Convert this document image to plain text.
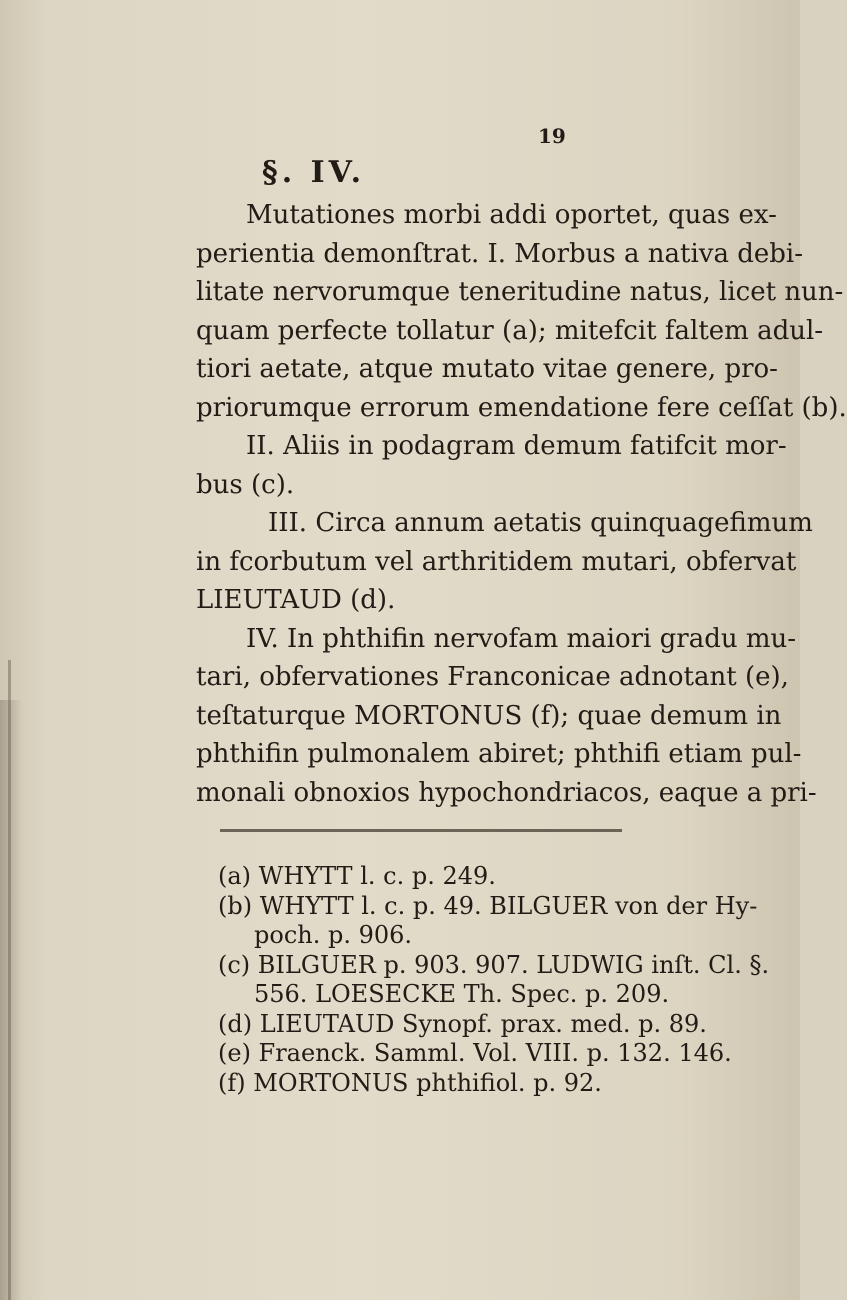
19
§. IV.
Mutationes morbi addi oportet, quas ex-
perientia demonſtrat. I. Morbus a nativa debi-
litate nervorumque teneritudine natus, licet nun-
quam perfecte tollatur (a); mitefcit faltem adul-
tiori aetate, atque mutato vitae genere, pro-
priorumque errorum emendatione fere ceſſat (b).
II. Aliis in podagram demum fatifcit mor-
bus (c).
III. Circa annum aetatis quinquagefimum
in fcorbutum vel arthritidem mutari, obfervat
LIEUTAUD (d).
IV. In phthifin nervofam maiori gradu mu-
tari, obfervationes Franconicae adnotant (e),
teſtaturque MORTONUS (f); quae demum in
phthifin pulmonalem abiret; phthifi etiam pul-
monali obnoxios hypochondriacos, eaque a pri-
(a) WHYTT l. c. p. 249.
(b) WHYTT l. c. p. 49. BILGUER von der Hy-
poch. p. 906.
(c) BILGUER p. 903. 907. LUDWIG inſt. Cl. §.
556. LOESECKE Th. Spec. p. 209.
(d) LIEUTAUD Synopf. prax. med. p. 89.
(e) Fraenck. Samml. Vol. VIII. p. 132. 146.
(f) MORTONUS phthifiol. p. 92.
